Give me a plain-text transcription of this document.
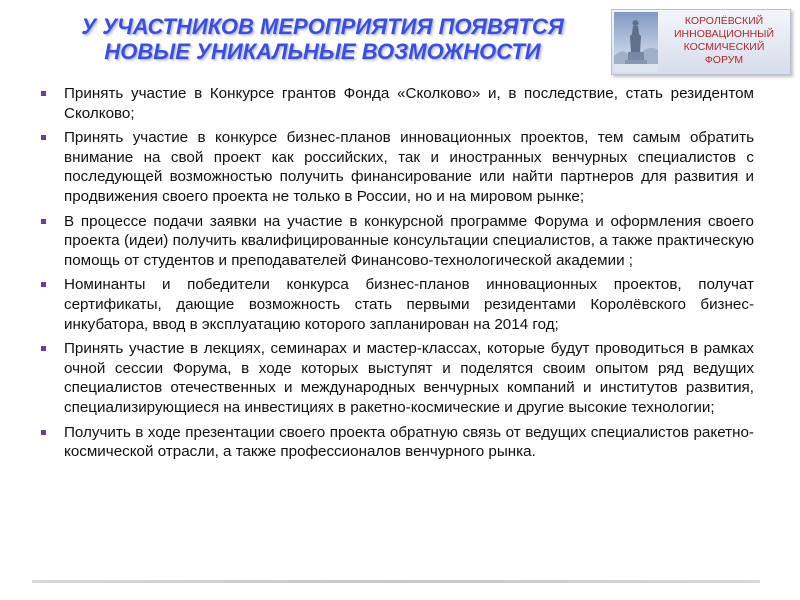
У УЧАСТНИКОВ МЕРОПРИЯТИЯ ПОЯВЯТСЯ
НОВЫЕ УНИКАЛЬНЫЕ ВОЗМОЖНОСТИ
КОРОЛЁВСКИЙ
ИННОВАЦИОННЫЙ
КОСМИЧЕСКИЙ
ФОРУМ
Принять участие в Конкурсе грантов Фонда «Сколково» и, в последствие, стать резидентом Сколково;
Принять участие в конкурсе бизнес-планов инновационных проектов, тем самым обратить внимание на свой проект как российских, так и иностранных венчурных специалистов с последующей возможностью получить финансирование или найти партнеров для развития и продвижения своего проекта не только в России, но и на мировом рынке;
В процессе подачи заявки на участие в конкурсной программе Форума и оформления своего проекта (идеи) получить квалифицированные консультации специалистов, а также практическую помощь от студентов и преподавателей Финансово-технологической академии ;
Номинанты и победители конкурса бизнес-планов инновационных проектов, получат сертификаты, дающие возможность стать первыми резидентами Королёвского бизнес-инкубатора, ввод в эксплуатацию которого запланирован на 2014 год;
Принять участие в лекциях, семинарах и мастер-классах, которые будут проводиться в рамках очной сессии Форума, в ходе которых выступят и поделятся своим опытом ряд ведущих специалистов отечественных и международных венчурных компаний и институтов развития, специализирующиеся на инвестициях в ракетно-космические и другие высокие технологии;
Получить в ходе презентации своего проекта обратную связь от ведущих специалистов ракетно-космической отрасли, а также профессионалов венчурного рынка.
